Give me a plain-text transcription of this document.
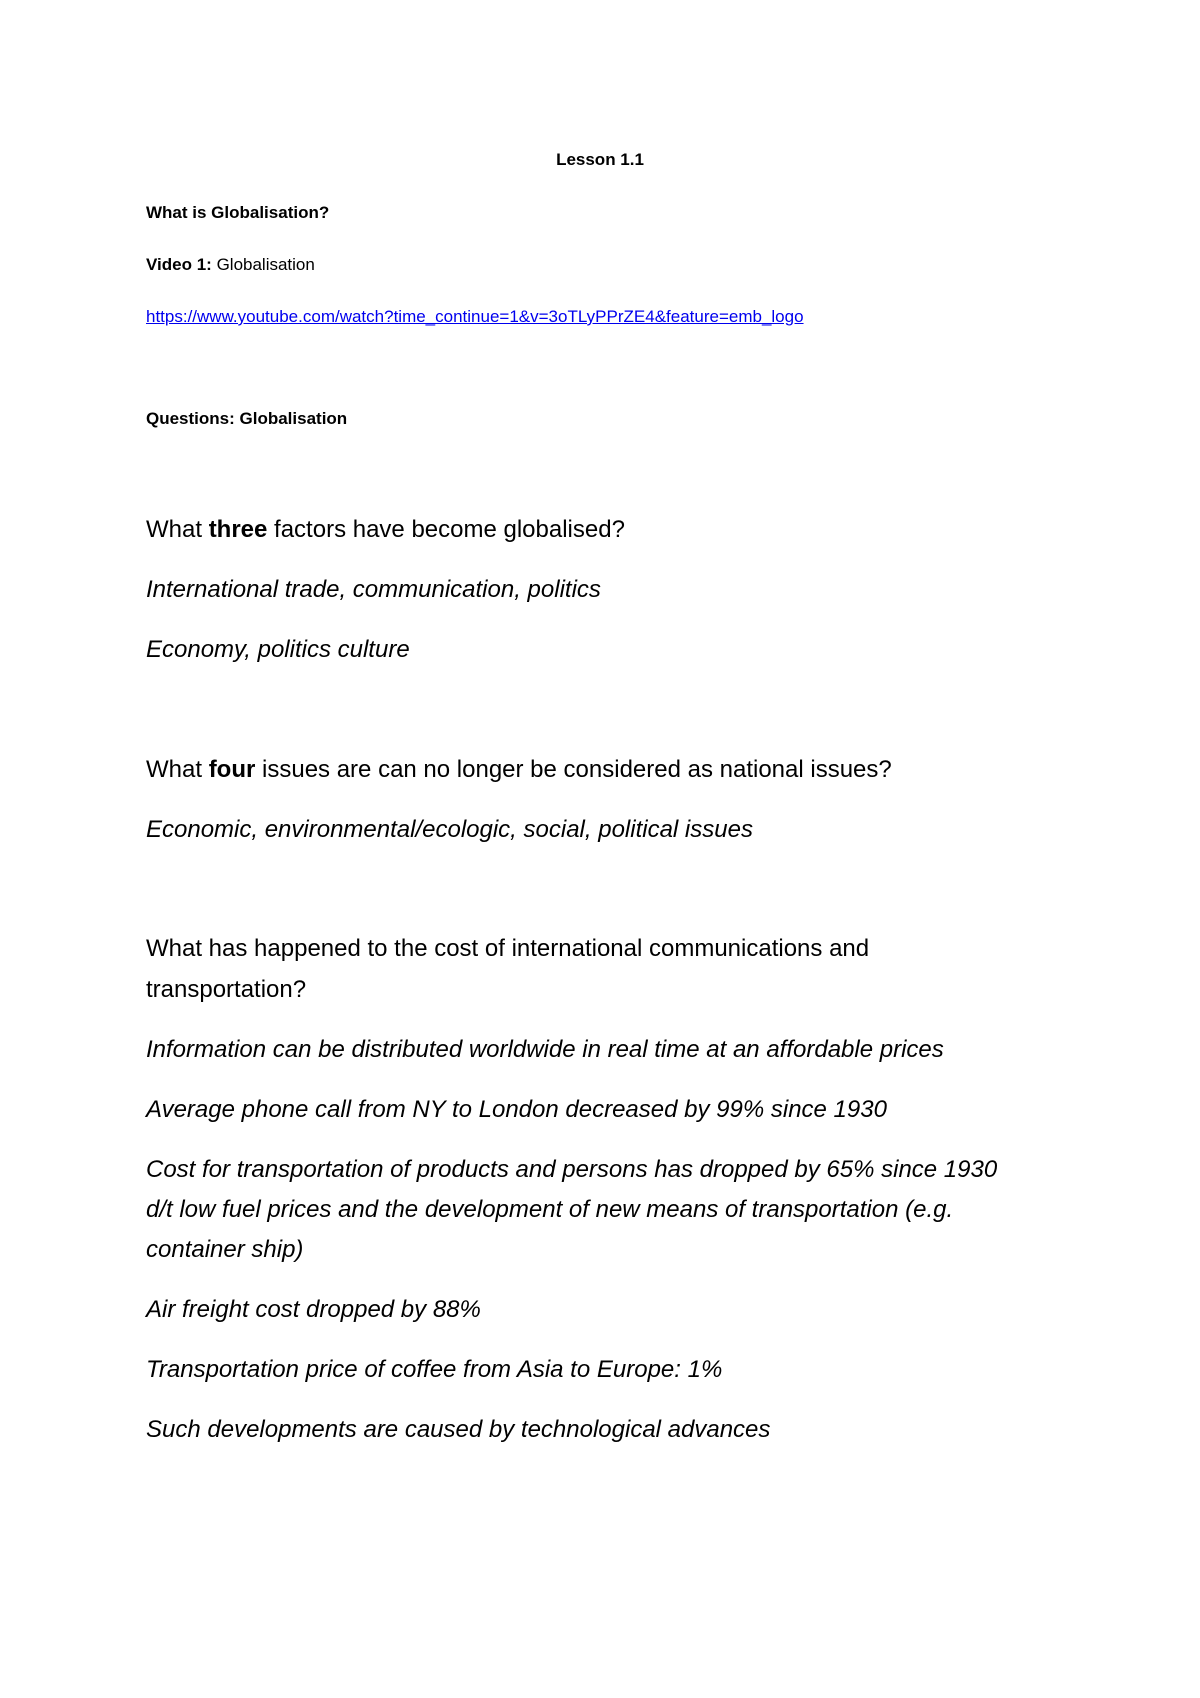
Lesson 1.1

What is Globalisation?

Video 1: Globalisation

https://www.youtube.com/watch?time_continue=1&v=3oTLyPPrZE4&feature=emb_logo

Questions: Globalisation

What three factors have become globalised?

International trade, communication, politics

Economy, politics culture

What four issues are can no longer be considered as national issues?

Economic, environmental/ecologic, social, political issues

What has happened to the cost of international communications and

transportation?

Information can be distributed worldwide in real time at an affordable prices

Average phone call from NY to London decreased by 99% since 1930

Cost for transportation of products and persons has dropped by 65% since 1930

d/t low fuel prices and the development of new means of transportation (e.g.

container ship)

Air freight cost dropped by 88%

Transportation price of coffee from Asia to Europe: 1%

Such developments are caused by technological advances
